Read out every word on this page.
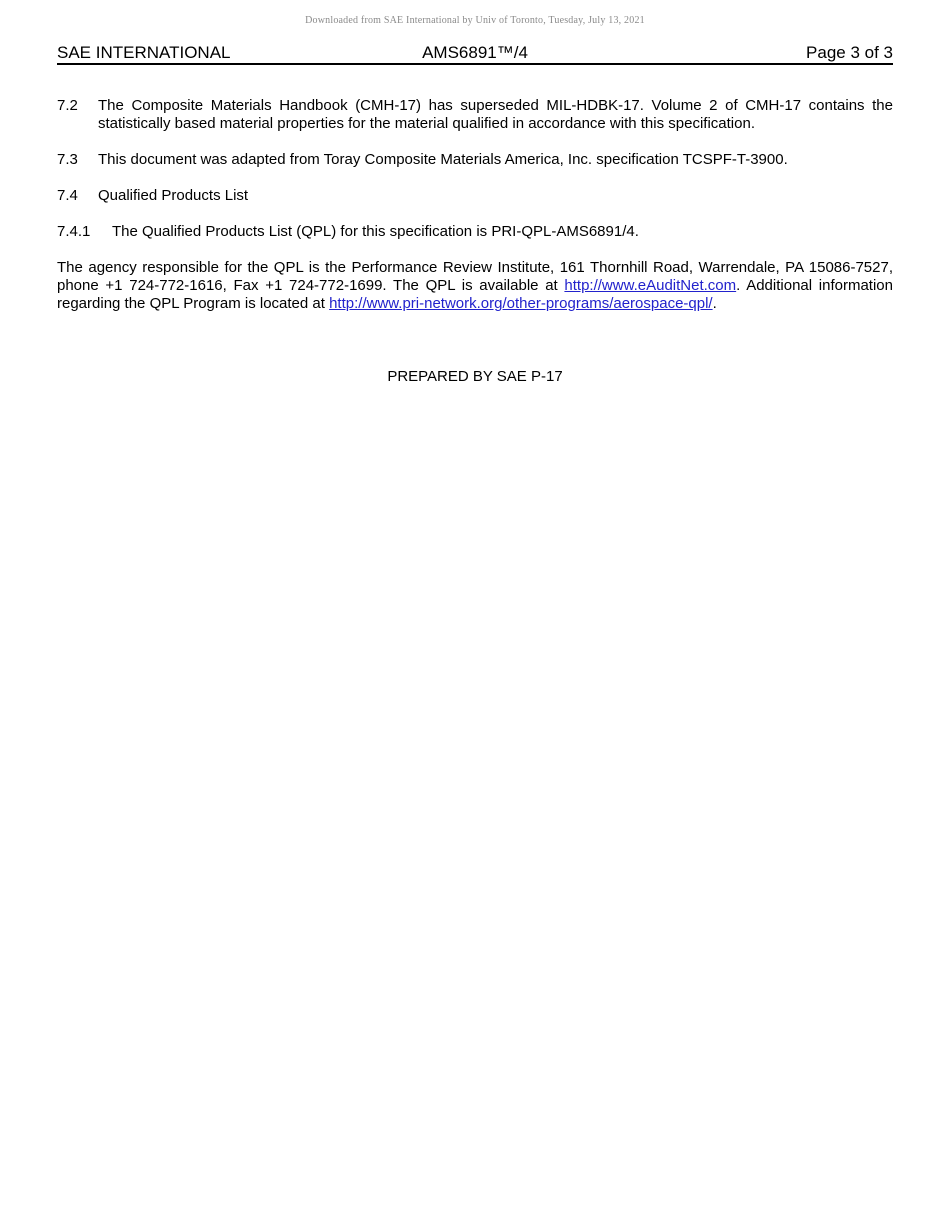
Downloaded from SAE International by Univ of Toronto, Tuesday, July 13, 2021
SAE INTERNATIONAL	AMS6891™/4	Page 3 of 3
7.2	The Composite Materials Handbook (CMH-17) has superseded MIL-HDBK-17. Volume 2 of CMH-17 contains the statistically based material properties for the material qualified in accordance with this specification.
7.3	This document was adapted from Toray Composite Materials America, Inc. specification TCSPF-T-3900.
7.4	Qualified Products List
7.4.1	The Qualified Products List (QPL) for this specification is PRI-QPL-AMS6891/4.

The agency responsible for the QPL is the Performance Review Institute, 161 Thornhill Road, Warrendale, PA 15086-7527, phone +1 724-772-1616, Fax +1 724-772-1699. The QPL is available at http://www.eAuditNet.com. Additional information regarding the QPL Program is located at http://www.pri-network.org/other-programs/aerospace-qpl/.

PREPARED BY SAE P-17
